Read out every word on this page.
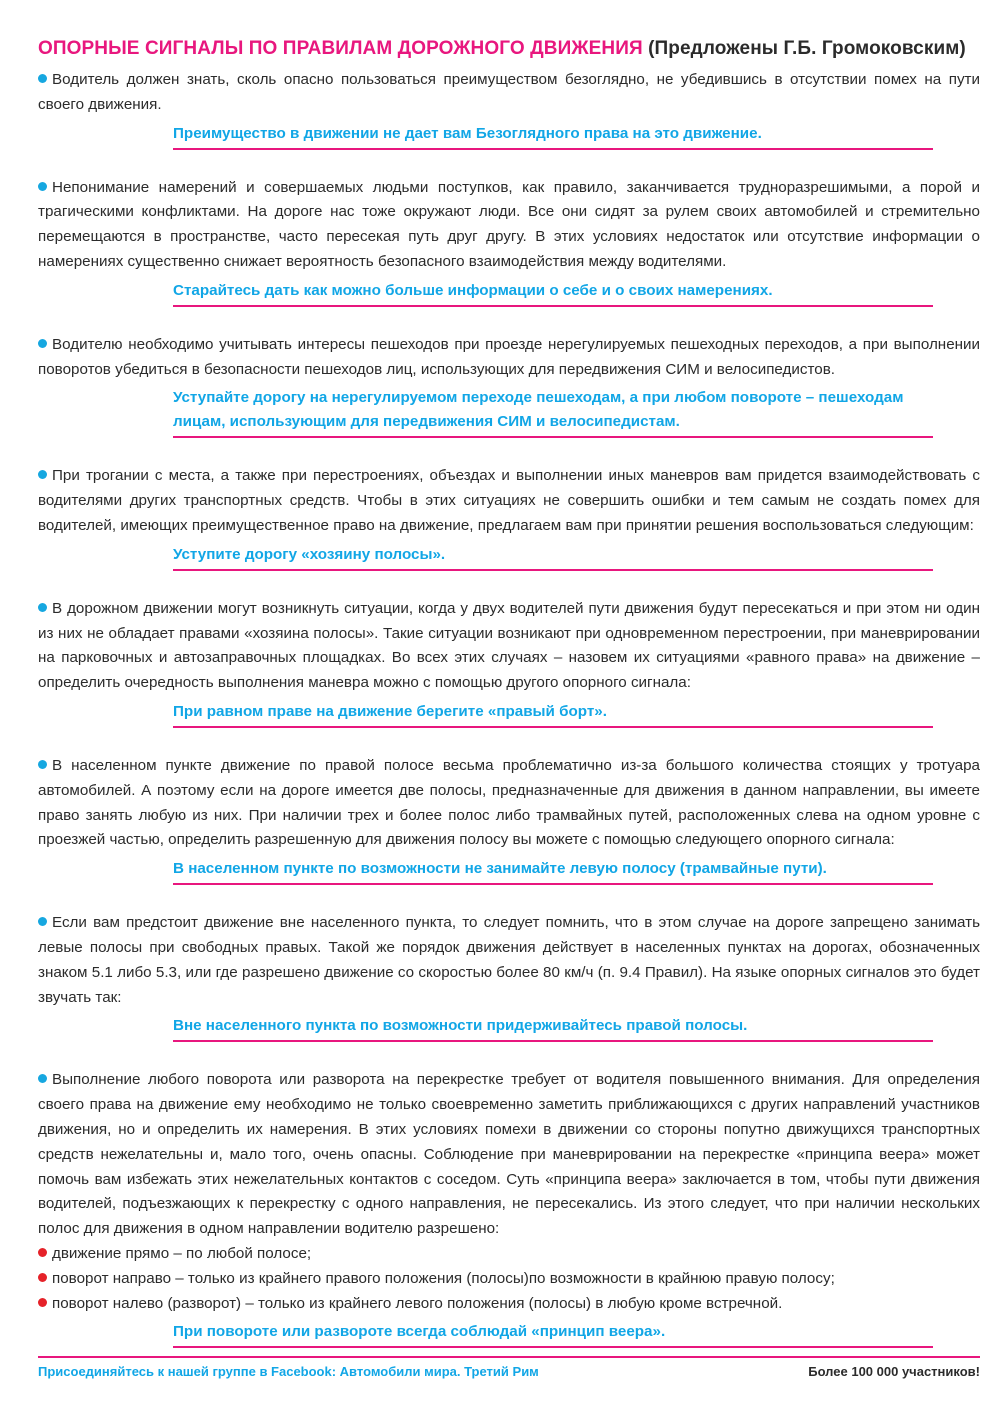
ОПОРНЫЕ СИГНАЛЫ ПО ПРАВИЛАМ ДОРОЖНОГО ДВИЖЕНИЯ (Предложены Г.Б. Громоковским)

Водитель должен знать, сколь опасно пользоваться преимуществом безоглядно, не убедившись в отсутствии помех на пути своего движения.

Преимущество в движении не дает вам Безоглядного права на это движение.

Непонимание намерений и совершаемых людьми поступков, как правило, заканчивается трудноразрешимыми, а порой и трагическими конфликтами. На дороге нас тоже окружают люди. Все они сидят за рулем своих автомобилей и стремительно перемещаются в пространстве, часто пересекая путь друг другу. В этих условиях недостаток или отсутствие информации о намерениях существенно снижает вероятность безопасного взаимодействия между водителями.

Старайтесь дать как можно больше информации о себе и о своих намерениях.

Водителю необходимо учитывать интересы пешеходов при проезде нерегулируемых пешеходных переходов, а при выполнении поворотов убедиться в безопасности пешеходов лиц, использующих для передвижения СИМ и велосипедистов.

Уступайте дорогу на нерегулируемом переходе пешеходам, а при любом повороте – пешеходам лицам, использующим для передвижения СИМ и велосипедистам.

При трогании с места, а также при перестроениях, объездах и выполнении иных маневров вам придется взаимодействовать с водителями других транспортных средств. Чтобы в этих ситуациях не совершить ошибки и тем самым не создать помех для водителей, имеющих преимущественное право на движение, предлагаем вам при принятии решения воспользоваться следующим:

Уступите дорогу «хозяину полосы».

В дорожном движении могут возникнуть ситуации, когда у двух водителей пути движения будут пересекаться и при этом ни один из них не обладает правами «хозяина полосы». Такие ситуации возникают при одновременном перестроении, при маневрировании на парковочных и автозаправочных площадках. Во всех этих случаях – назовем их ситуациями «равного права» на движение – определить очередность выполнения маневра можно с помощью другого опорного сигнала:

При равном праве на движение берегите «правый борт».

В населенном пункте движение по правой полосе весьма проблематично из-за большого количества стоящих у тротуара автомобилей. А поэтому если на дороге имеется две полосы, предназначенные для движения в данном направлении, вы имеете право занять любую из них. При наличии трех и более полос либо трамвайных путей, расположенных слева на одном уровне с проезжей частью, определить разрешенную для движения полосу вы можете с помощью следующего опорного сигнала:

В населенном пункте по возможности не занимайте левую полосу (трамвайные пути).

Если вам предстоит движение вне населенного пункта, то следует помнить, что в этом случае на дороге запрещено занимать левые полосы при свободных правых. Такой же порядок движения действует в населенных пунктах на дорогах, обозначенных знаком 5.1 либо 5.3, или где разрешено движение со скоростью более 80 км/ч (п. 9.4 Правил). На языке опорных сигналов это будет звучать так:

Вне населенного пункта по возможности придерживайтесь правой полосы.

Выполнение любого поворота или разворота на перекрестке требует от водителя повышенного внимания. Для определения своего права на движение ему необходимо не только своевременно заметить приближающихся с других направлений участников движения, но и определить их намерения. В этих условиях помехи в движении со стороны попутно движущихся транспортных средств нежелательны и, мало того, очень опасны. Соблюдение при маневрировании на перекрестке «принципа веера» может помочь вам избежать этих нежелательных контактов с соседом. Суть «принципа веера» заключается в том, чтобы пути движения водителей, подъезжающих к перекрестку с одного направления, не пересекались. Из этого следует, что при наличии нескольких полос для движения в одном направлении водителю разрешено:

движение прямо – по любой полосе;

поворот направо – только из крайнего правого положения (полосы)по возможности в крайнюю правую полосу;

поворот налево (разворот) – только из крайнего левого положения (полосы) в любую кроме встречной.

При повороте или развороте всегда соблюдай «принцип веера».
Присоединяйтесь к нашей группе в Facebook: Автомобили мира. Третий Рим	Более 100 000 участников!
